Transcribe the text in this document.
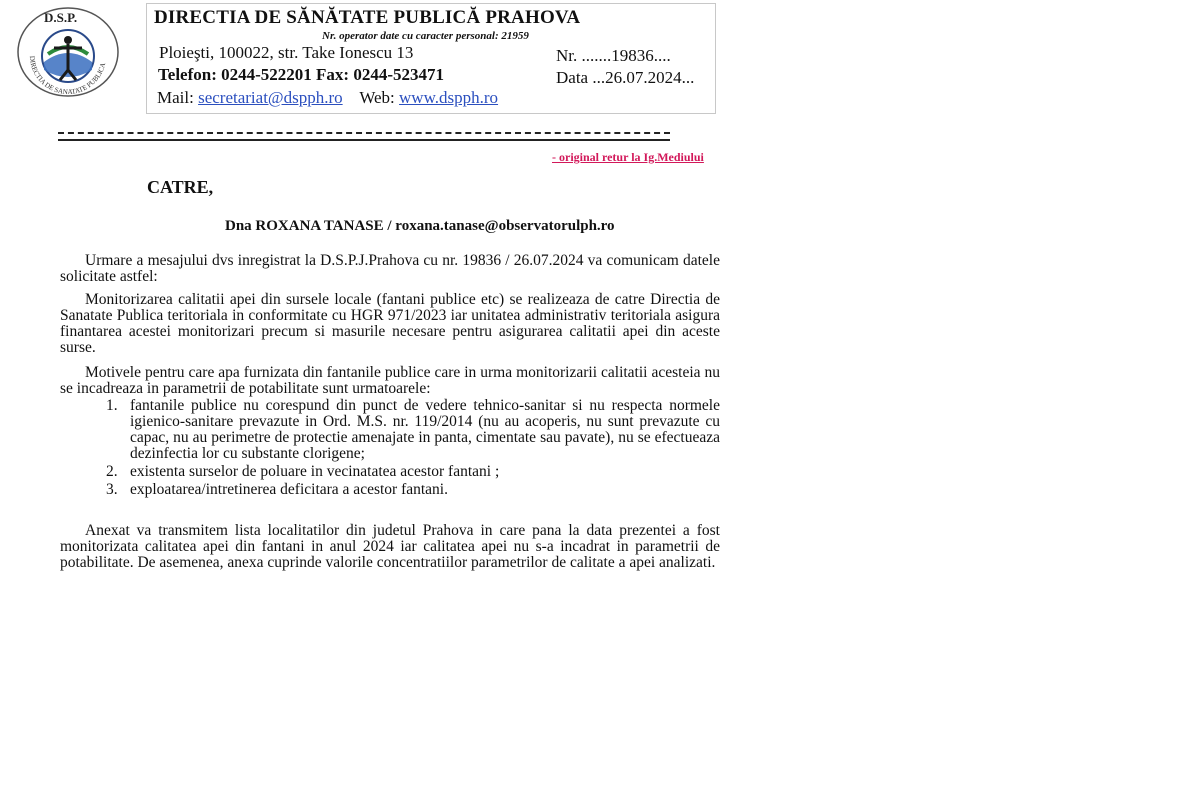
D.S.P.
DIRECTIA DE SANATATE PUBLICA
DIRECTIA DE SĂNĂTATE PUBLICĂ PRAHOVA
Nr. operator date cu caracter personal: 21959
Ploieşti, 100022, str. Take Ionescu 13
Telefon: 0244-522201 Fax: 0244-523471
Mail: secretariat@dspph.ro Web: www.dspph.ro
Nr. .......19836....
Data ...26.07.2024...
- original retur la Ig.Mediului
CATRE,
Dna ROXANA TANASE / roxana.tanase@observatorulph.ro
Urmare a mesajului dvs inregistrat la D.S.P.J.Prahova cu nr. 19836 / 26.07.2024 va comunicam datele solicitate astfel:
Monitorizarea calitatii apei din sursele locale (fantani publice etc) se realizeaza de catre Directia de Sanatate Publica teritoriala in conformitate cu HGR 971/2023 iar unitatea administrativ teritoriala asigura finantarea acestei monitorizari precum si masurile necesare pentru asigurarea calitatii apei din aceste surse.
Motivele pentru care apa furnizata din fantanile publice care in urma monitorizarii calitatii acesteia nu se incadreaza in parametrii de potabilitate sunt urmatoarele:
1. fantanile publice nu corespund din punct de vedere tehnico-sanitar si nu respecta normele igienico-sanitare prevazute in Ord. M.S. nr. 119/2014 (nu au acoperis, nu sunt prevazute cu capac, nu au perimetre de protectie amenajate in panta, cimentate sau pavate), nu se efectueaza dezinfectia lor cu substante clorigene;
2. existenta surselor de poluare in vecinatatea acestor fantani ;
3. exploatarea/intretinerea deficitara a acestor fantani.
Anexat va transmitem lista localitatilor din judetul Prahova in care pana la data prezentei a fost monitorizata calitatea apei din fantani in anul 2024 iar calitatea apei nu s-a incadrat in parametrii de potabilitate. De asemenea, anexa cuprinde valorile concentratiilor parametrilor de calitate a apei analizati.
